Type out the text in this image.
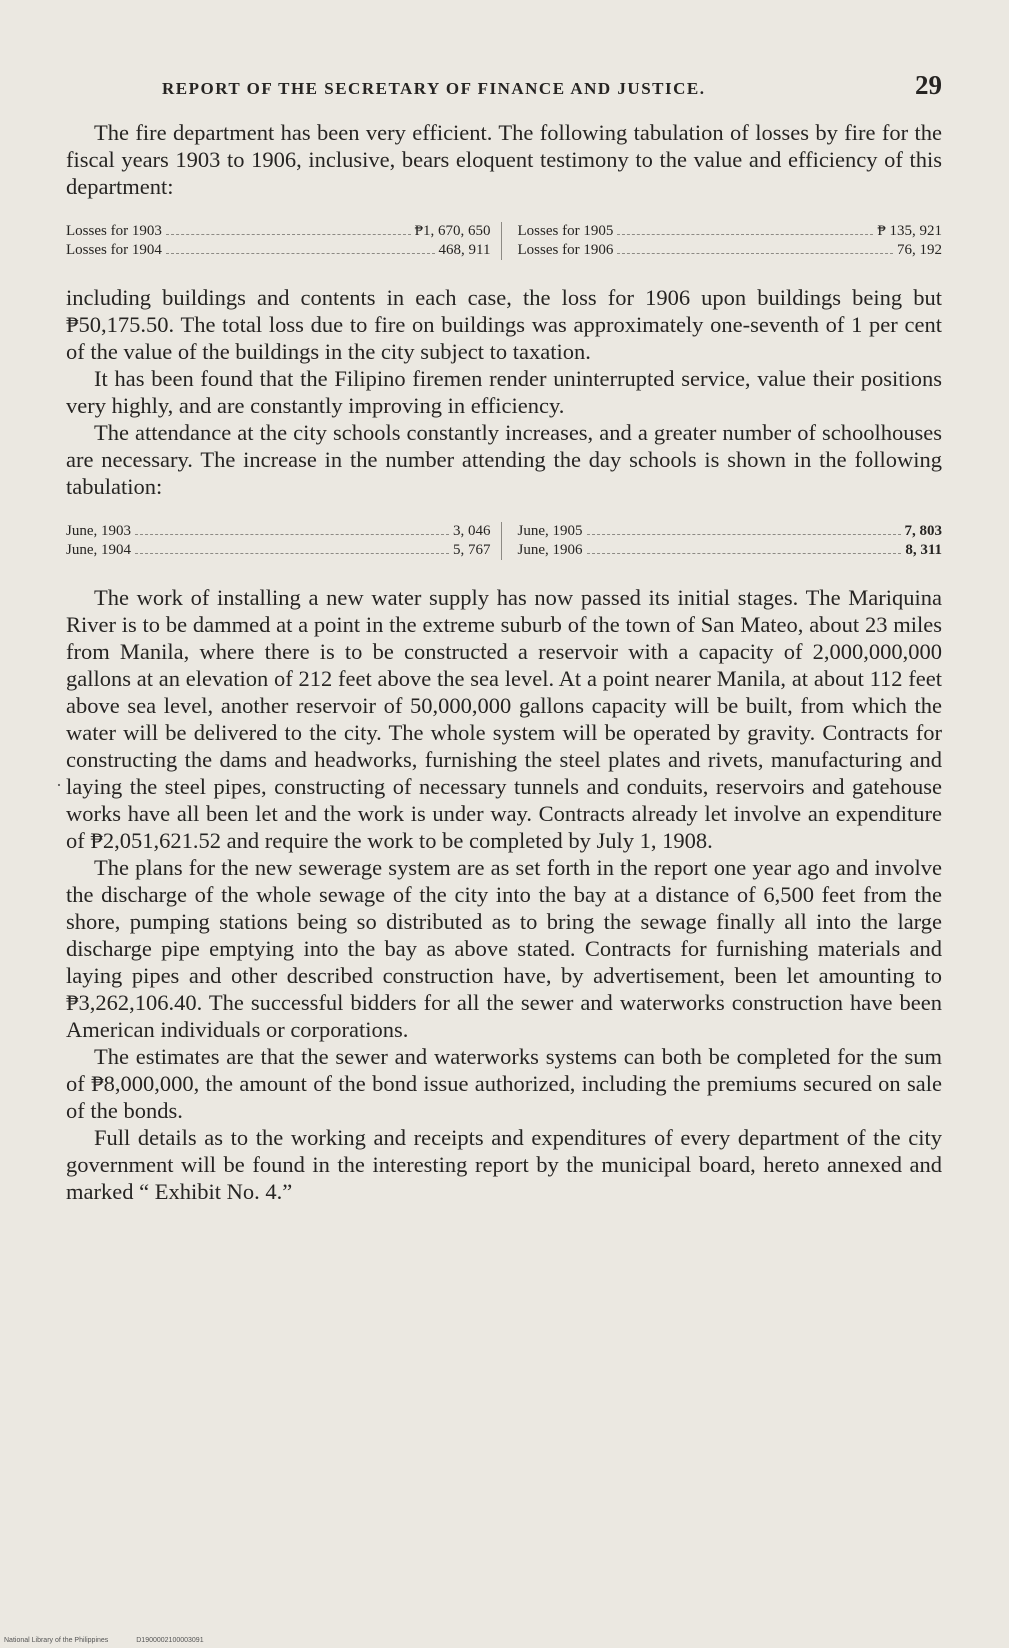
REPORT OF THE SECRETARY OF FINANCE AND JUSTICE.	29

The fire department has been very efficient. The following tabulation of losses by fire for the fiscal years 1903 to 1906, inclusive, bears eloquent testimony to the value and efficiency of this department:

Losses for 1903	₱1, 670, 650
Losses for 1904	468, 911
Losses for 1905	₱ 135, 921
Losses for 1906	76, 192

including buildings and contents in each case, the loss for 1906 upon buildings being but ₱50,175.50. The total loss due to fire on buildings was approximately one-seventh of 1 per cent of the value of the buildings in the city subject to taxation.

It has been found that the Filipino firemen render uninterrupted service, value their positions very highly, and are constantly improving in efficiency.

The attendance at the city schools constantly increases, and a greater number of schoolhouses are necessary. The increase in the number attending the day schools is shown in the following tabulation:

June, 1903	3, 046
June, 1904	5, 767
June, 1905	7, 803
June, 1906	8, 311

The work of installing a new water supply has now passed its initial stages. The Mariquina River is to be dammed at a point in the extreme suburb of the town of San Mateo, about 23 miles from Manila, where there is to be constructed a reservoir with a capacity of 2,000,000,000 gallons at an elevation of 212 feet above the sea level. At a point nearer Manila, at about 112 feet above sea level, another reservoir of 50,000,000 gallons capacity will be built, from which the water will be delivered to the city. The whole system will be operated by gravity. Contracts for constructing the dams and headworks, furnishing the steel plates and rivets, manufacturing and laying the steel pipes, constructing of necessary tunnels and conduits, reservoirs and gatehouse works have all been let and the work is under way. Contracts already let involve an expenditure of ₱2,051,621.52 and require the work to be completed by July 1, 1908.

The plans for the new sewerage system are as set forth in the report one year ago and involve the discharge of the whole sewage of the city into the bay at a distance of 6,500 feet from the shore, pumping stations being so distributed as to bring the sewage finally all into the large discharge pipe emptying into the bay as above stated. Contracts for furnishing materials and laying pipes and other described construction have, by advertisement, been let amounting to ₱3,262,106.40. The successful bidders for all the sewer and waterworks construction have been American individuals or corporations.

The estimates are that the sewer and waterworks systems can both be completed for the sum of ₱8,000,000, the amount of the bond issue authorized, including the premiums secured on sale of the bonds.

Full details as to the working and receipts and expenditures of every department of the city government will be found in the interesting report by the municipal board, hereto annexed and marked “ Exhibit No. 4.”

·
National Library of the Philippines	D1900002100003091
